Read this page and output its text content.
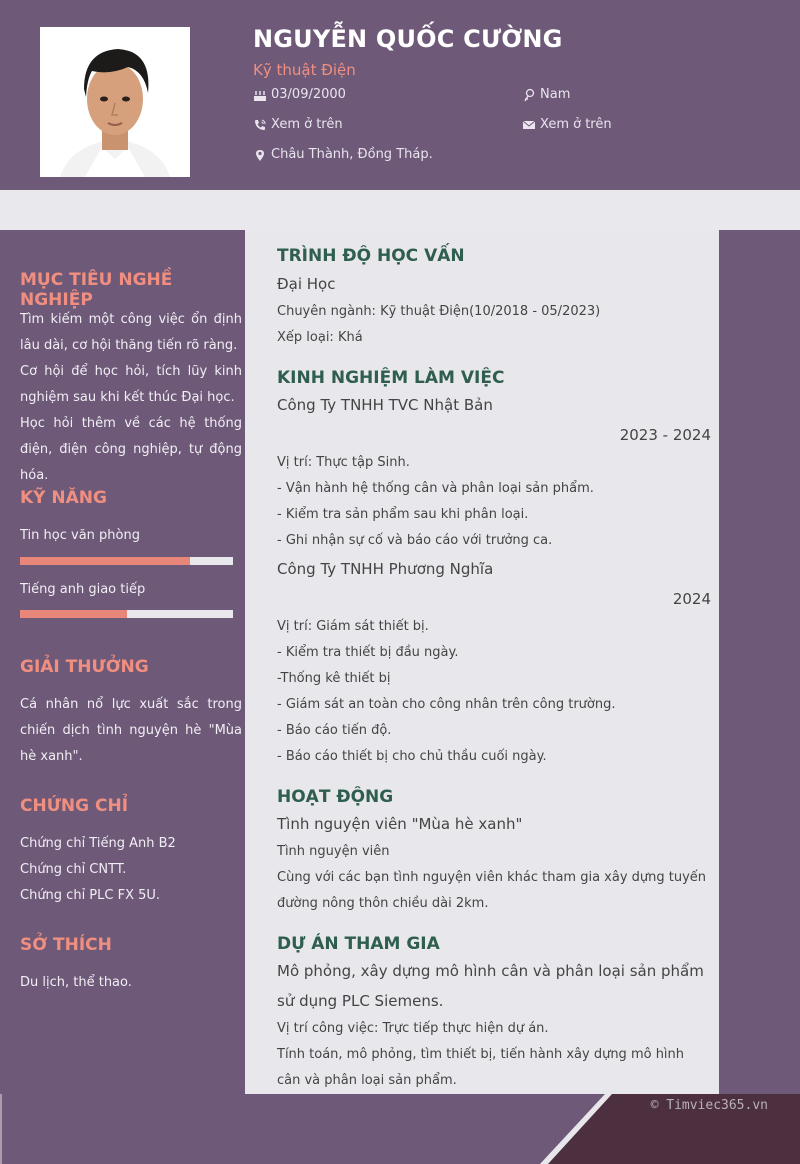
NGUYỄN QUỐC CƯỜNG
Kỹ thuật Điện
03/09/2000	Nam
Xem ở trên	Xem ở trên
Châu Thành, Đồng Tháp.
MỤC TIÊU NGHỀ NGHIỆP
Tìm kiếm một công việc ổn định lâu dài, cơ hội thăng tiến rõ ràng.
Cơ hội để học hỏi, tích lũy kinh nghiệm sau khi kết thúc Đại học.
Học hỏi thêm về các hệ thống điện, điện công nghiệp, tự động hóa.
KỸ NĂNG
Tin học văn phòng
Tiếng anh giao tiếp
GIẢI THƯỞNG
Cá nhân nổ lực xuất sắc trong chiến dịch tình nguyện hè "Mùa hè xanh".
CHỨNG CHỈ
Chứng chỉ Tiếng Anh B2
Chứng chỉ CNTT.
Chứng chỉ PLC FX 5U.
SỞ THÍCH
Du lịch, thể thao.
TRÌNH ĐỘ HỌC VẤN
Đại Học
Chuyên ngành: Kỹ thuật Điện(10/2018 - 05/2023)
Xếp loại: Khá
KINH NGHIỆM LÀM VIỆC
Công Ty TNHH TVC Nhật Bản
2023 - 2024
Vị trí: Thực tập Sinh.
- Vận hành hệ thống cân và phân loại sản phẩm.
- Kiểm tra sản phẩm sau khi phân loại.
- Ghi nhận sự cố và báo cáo với trưởng ca.
Công Ty TNHH Phương Nghĩa
2024
Vị trí: Giám sát thiết bị.
- Kiểm tra thiết bị đầu ngày.
-Thống kê thiết bị
- Giám sát an toàn cho công nhân trên công trường.
- Báo cáo tiến độ.
- Báo cáo thiết bị cho chủ thầu cuối ngày.
HOẠT ĐỘNG
Tình nguyện viên "Mùa hè xanh"
Tình nguyện viên
Cùng với các bạn tình nguyện viên khác tham gia xây dựng tuyến đường nông thôn chiều dài 2km.
DỰ ÁN THAM GIA
Mô phỏng, xây dựng mô hình cân và phân loại sản phẩm sử dụng PLC Siemens.
Vị trí công việc: Trực tiếp thực hiện dự án.
Tính toán, mô phỏng, tìm thiết bị, tiến hành xây dựng mô hình cân và phân loại sản phẩm.
© Timviec365.vn
